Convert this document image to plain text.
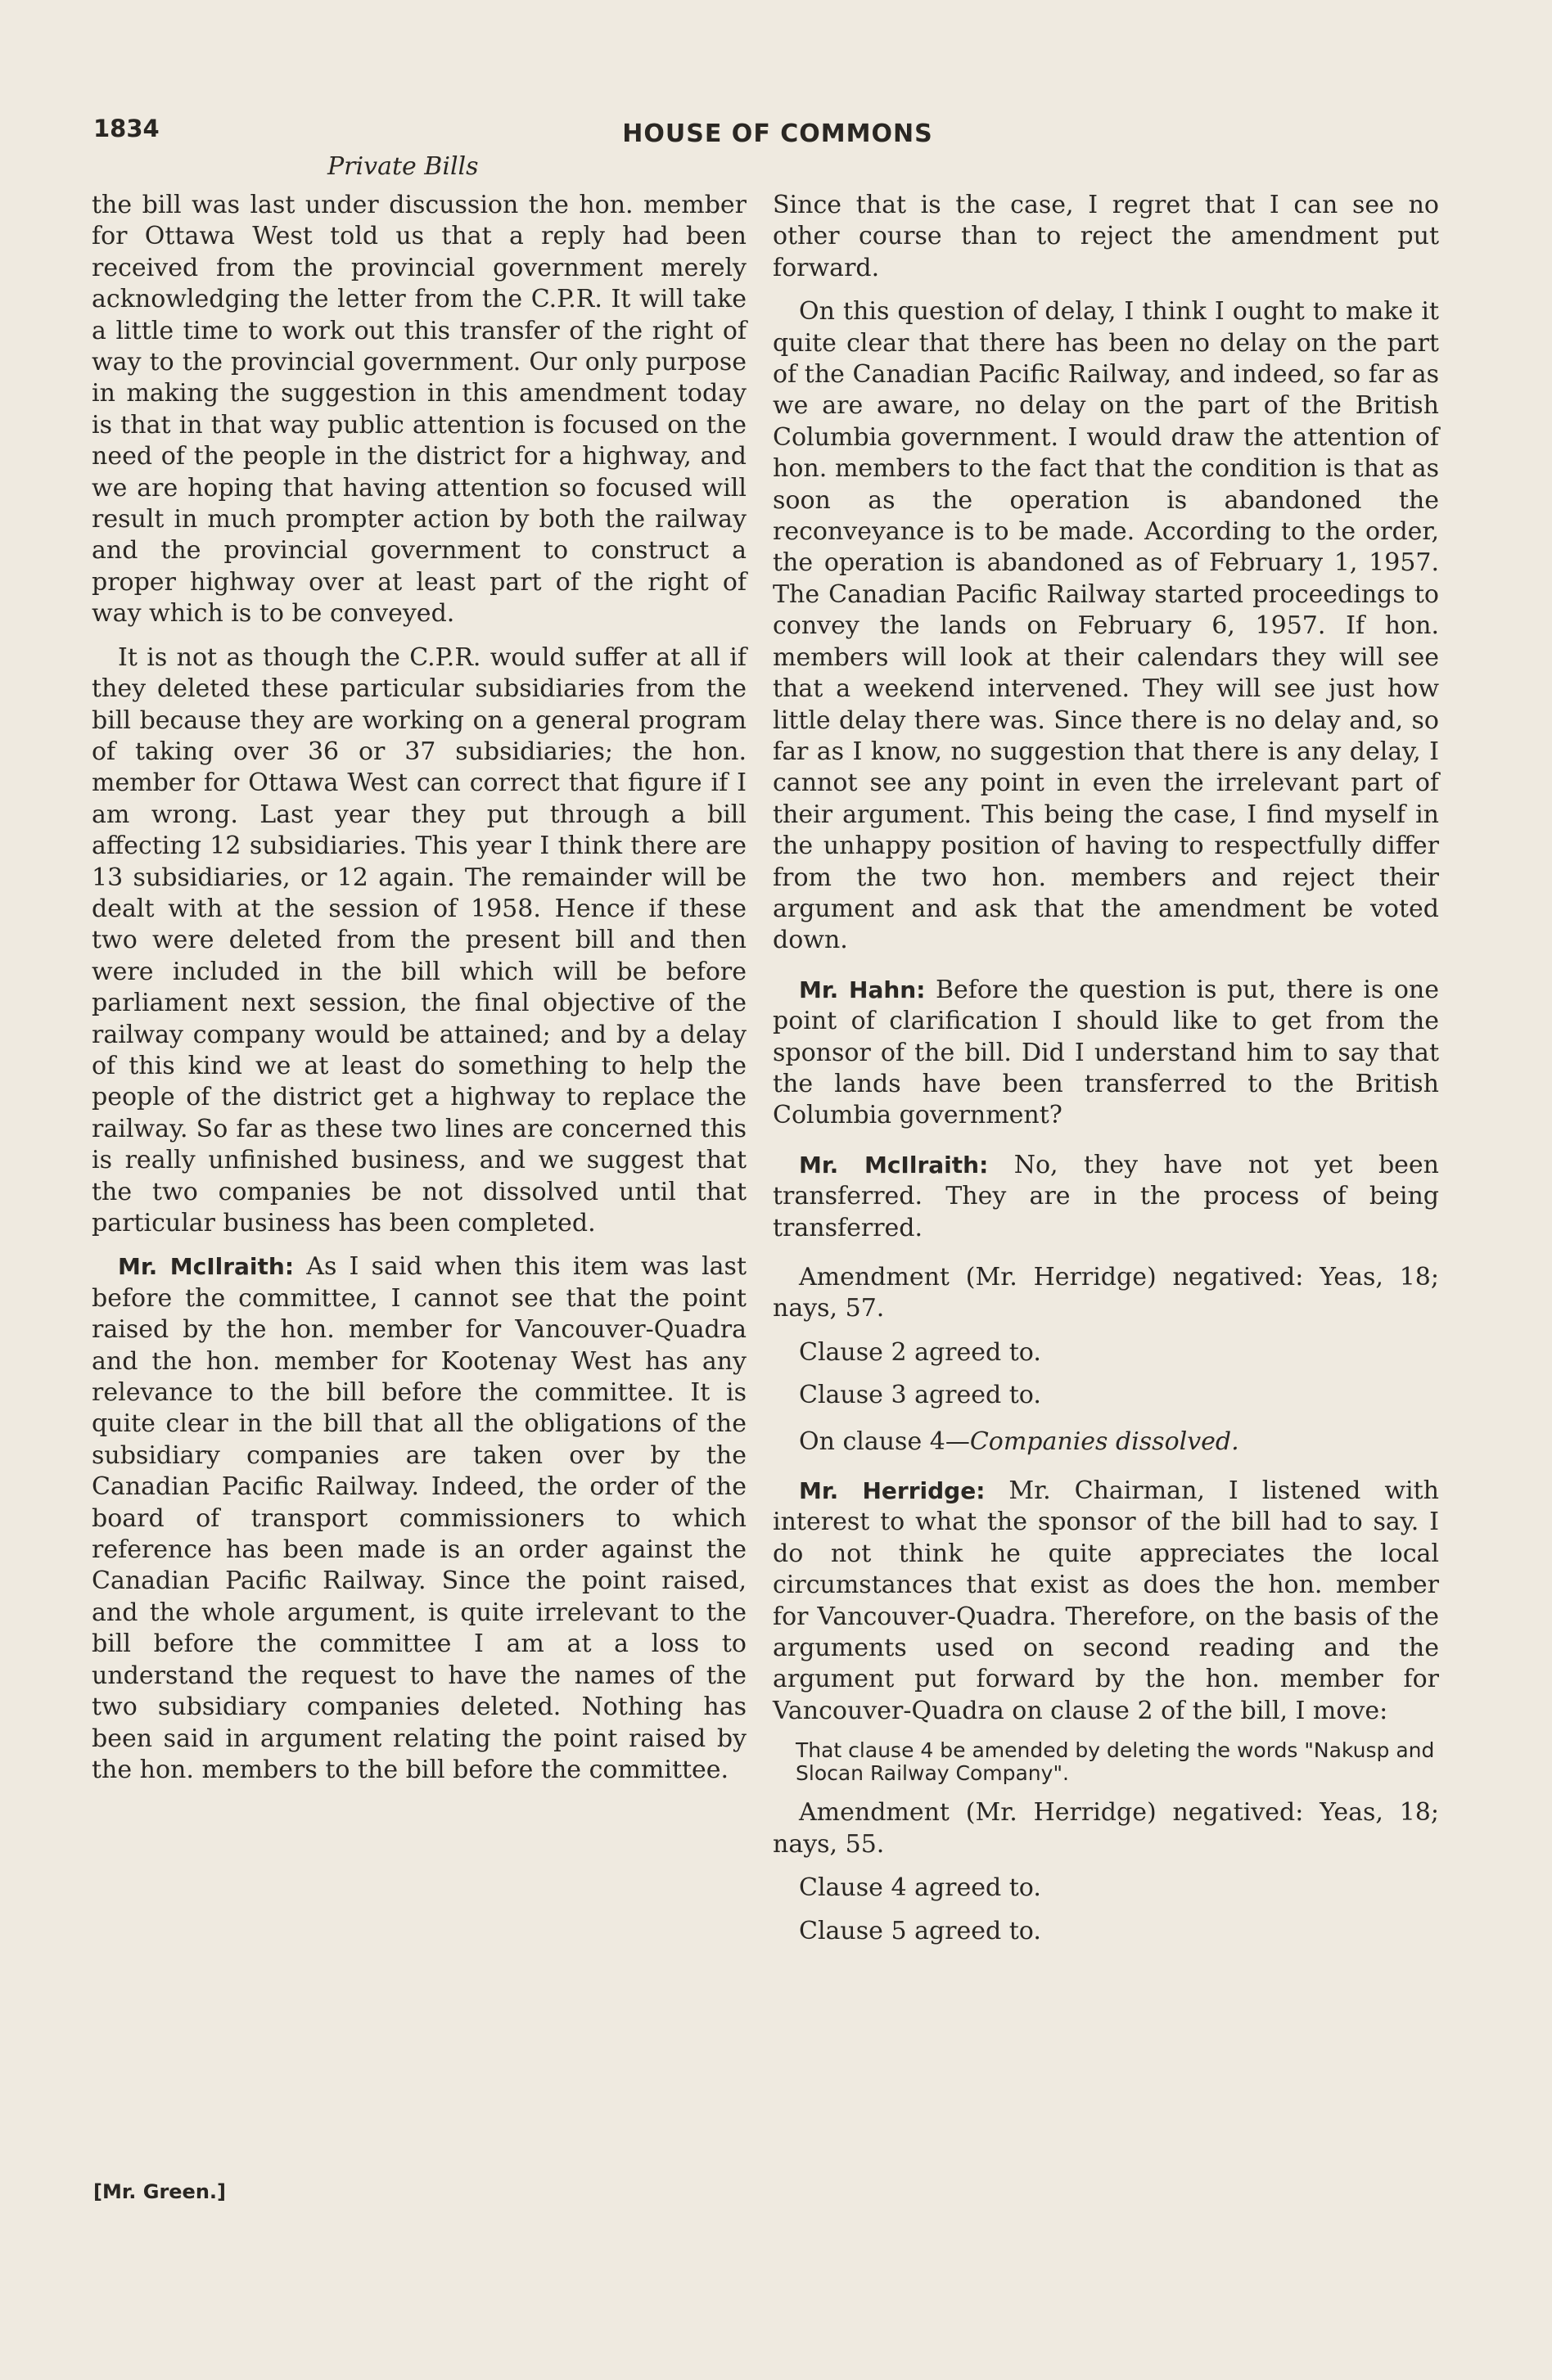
1834	HOUSE OF COMMONS
Private Bills

the bill was last under discussion the hon. member for Ottawa West told us that a reply had been received from the provincial government merely acknowledging the letter from the C.P.R. It will take a little time to work out this transfer of the right of way to the provincial government. Our only purpose in making the suggestion in this amendment today is that in that way public attention is focused on the need of the people in the district for a highway, and we are hoping that having attention so focused will result in much prompter action by both the railway and the provincial government to construct a proper highway over at least part of the right of way which is to be conveyed.

It is not as though the C.P.R. would suffer at all if they deleted these particular subsidiaries from the bill because they are working on a general program of taking over 36 or 37 subsidiaries; the hon. member for Ottawa West can correct that figure if I am wrong. Last year they put through a bill affecting 12 subsidiaries. This year I think there are 13 subsidiaries, or 12 again. The remainder will be dealt with at the session of 1958. Hence if these two were deleted from the present bill and then were included in the bill which will be before parliament next session, the final objective of the railway company would be attained; and by a delay of this kind we at least do something to help the people of the district get a highway to replace the railway. So far as these two lines are concerned this is really unfinished business, and we suggest that the two companies be not dissolved until that particular business has been completed.

Mr. McIlraith: As I said when this item was last before the committee, I cannot see that the point raised by the hon. member for Vancouver-Quadra and the hon. member for Kootenay West has any relevance to the bill before the committee. It is quite clear in the bill that all the obligations of the subsidiary companies are taken over by the Canadian Pacific Railway. Indeed, the order of the board of transport commissioners to which reference has been made is an order against the Canadian Pacific Railway. Since the point raised, and the whole argument, is quite irrelevant to the bill before the committee I am at a loss to understand the request to have the names of the two subsidiary companies deleted. Nothing has been said in argument relating the point raised by the hon. members to the bill before the committee.

Since that is the case, I regret that I can see no other course than to reject the amendment put forward.

On this question of delay, I think I ought to make it quite clear that there has been no delay on the part of the Canadian Pacific Railway, and indeed, so far as we are aware, no delay on the part of the British Columbia government. I would draw the attention of hon. members to the fact that the condition is that as soon as the operation is abandoned the reconveyance is to be made. According to the order, the operation is abandoned as of February 1, 1957. The Canadian Pacific Railway started proceedings to convey the lands on February 6, 1957. If hon. members will look at their calendars they will see that a weekend intervened. They will see just how little delay there was. Since there is no delay and, so far as I know, no suggestion that there is any delay, I cannot see any point in even the irrelevant part of their argument. This being the case, I find myself in the unhappy position of having to respectfully differ from the two hon. members and reject their argument and ask that the amendment be voted down.

Mr. Hahn: Before the question is put, there is one point of clarification I should like to get from the sponsor of the bill. Did I understand him to say that the lands have been transferred to the British Columbia government?

Mr. McIlraith: No, they have not yet been transferred. They are in the process of being transferred.

Amendment (Mr. Herridge) negatived: Yeas, 18; nays, 57.

Clause 2 agreed to.

Clause 3 agreed to.

On clause 4—Companies dissolved.

Mr. Herridge: Mr. Chairman, I listened with interest to what the sponsor of the bill had to say. I do not think he quite appreciates the local circumstances that exist as does the hon. member for Vancouver-Quadra. Therefore, on the basis of the arguments used on second reading and the argument put forward by the hon. member for Vancouver-Quadra on clause 2 of the bill, I move:

That clause 4 be amended by deleting the words "Nakusp and Slocan Railway Company".

Amendment (Mr. Herridge) negatived: Yeas, 18; nays, 55.

Clause 4 agreed to.

Clause 5 agreed to.

[Mr. Green.]
